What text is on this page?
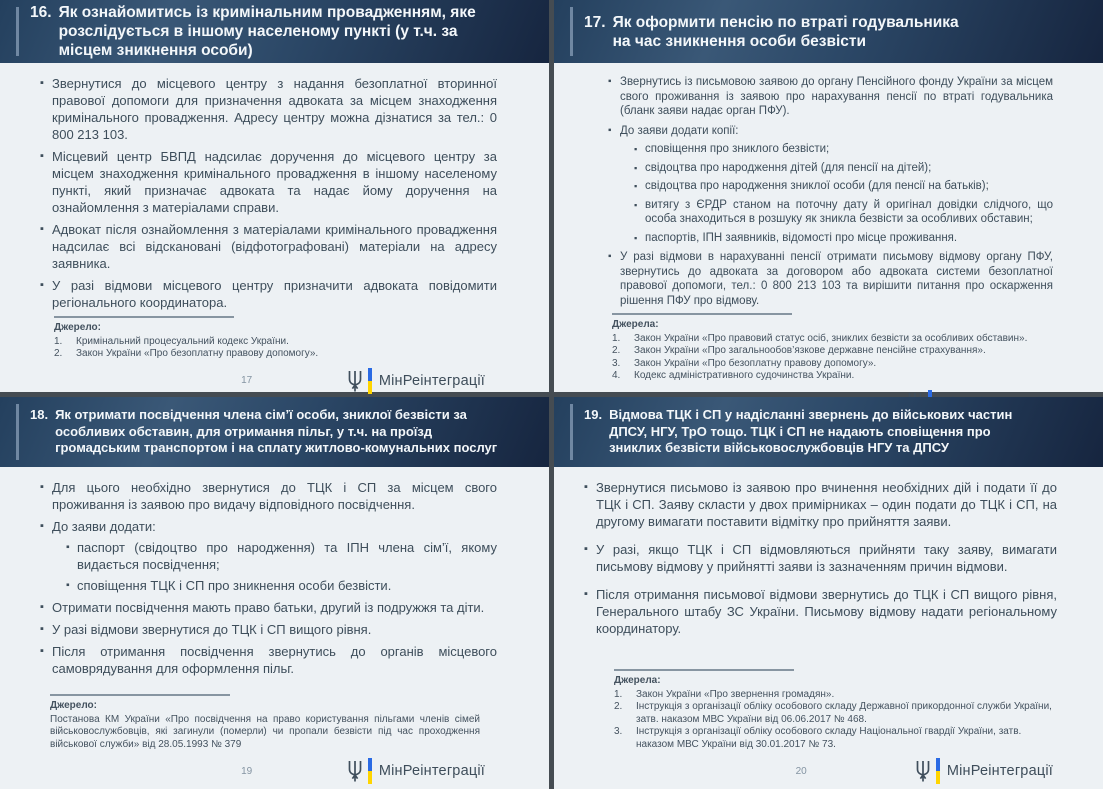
16. Як ознайомитись із кримінальним провадженням, яке
розслідується в іншому населеному пункті (у т.ч. за
місцем зникнення особи)
▪ Звернутися до місцевого центру з надання безоплатної вторинної правової допомоги для призначення адвоката за місцем знаходження кримінального провадження. Адресу центру можна дізнатися за тел.: 0 800 213 103.
▪ Місцевий центр БВПД надсилає доручення до місцевого центру за місцем знаходження кримінального провадження в іншому населеному пункті, який призначає адвоката та надає йому доручення на ознайомлення з матеріалами справи.
▪ Адвокат після ознайомлення з матеріалами кримінального провадження надсилає всі відскановані (відфотографовані) матеріали на адресу заявника.
▪ У разі відмови місцевого центру призначити адвоката повідомити регіонального координатора.
Джерело:
1.	Кримінальний процесуальний кодекс України.
2.	Закон України «Про безоплатну правову допомогу».
17	МінРеінтеграції
17. Як оформити пенсію по втраті годувальника
на час зникнення особи безвісти
▪ Звернутись із письмовою заявою до органу Пенсійного фонду України за місцем свого проживання із заявою про нарахування пенсії по втраті годувальника (бланк заяви надає орган ПФУ).
▪ До заяви додати копії:
▪ сповіщення про зниклого безвісти;
▪ свідоцтва про народження дітей (для пенсії на дітей);
▪ свідоцтва про народження зниклої особи (для пенсії на батьків);
▪ витягу з ЄРДР станом на поточну дату й оригінал довідки слідчого, що особа знаходиться в розшуку як зникла безвісти за особливих обставин;
▪ паспортів, ІПН заявників, відомості про місце проживання.
▪ У разі відмови в нарахуванні пенсії отримати письмову відмову органу ПФУ, звернутись до адвоката за договором або адвоката системи безоплатної правової допомоги, тел.: 0 800 213 103 та вирішити питання про оскарження рішення ПФУ про відмову.
Джерела:
1.	Закон України «Про правовий статус осіб, зниклих безвісти за особливих обставин».
2.	Закон України «Про загальнообов’язкове державне пенсійне страхування».
3.	Закон України «Про безоплатну правову допомогу».
4.	Кодекс адміністративного судочинства України.
18. Як отримати посвідчення члена сім’ї особи, зниклої безвісти за
особливих обставин, для отримання пільг, у т.ч. на проїзд
громадським транспортом і на сплату житлово-комунальних послуг
▪ Для цього необхідно звернутися до ТЦК і СП за місцем свого проживання із заявою про видачу відповідного посвідчення.
▪ До заяви додати:
▪ паспорт (свідоцтво про народження) та ІПН члена сім’ї, якому видається посвідчення;
▪ сповіщення ТЦК і СП про зникнення особи безвісти.
▪ Отримати посвідчення мають право батьки, другий із подружжя та діти.
▪ У разі відмови звернутися до ТЦК і СП вищого рівня.
▪ Після отримання посвідчення звернутись до органів місцевого самоврядування для оформлення пільг.
Джерело:
Постанова КМ України «Про посвідчення на право користування пільгами членів сімей військовослужбовців, які загинули (померли) чи пропали безвісти під час проходження військової служби» від 28.05.1993 № 379
19	МінРеінтеграції
19. Відмова ТЦК і СП у надісланні звернень до військових частин
ДПСУ, НГУ, ТрО тощо. ТЦК і СП не надають сповіщення про
зниклих безвісти військовослужбовців НГУ та ДПСУ
▪ Звернутися письмово із заявою про вчинення необхідних дій і подати її до ТЦК і СП. Заяву скласти у двох примірниках – один подати до ТЦК і СП, на другому вимагати поставити відмітку про прийняття заяви.
▪ У разі, якщо ТЦК і СП відмовляються прийняти таку заяву, вимагати письмову відмову у прийнятті заяви із зазначенням причин відмови.
▪ Після отримання письмової відмови звернутись до ТЦК і СП вищого рівня, Генерального штабу ЗС України. Письмову відмову надати регіональному координатору.
Джерела:
1.	Закон України «Про звернення громадян».
2.	Інструкція з організації обліку особового складу Державної прикордонної служби України, затв. наказом МВС України від 06.06.2017 № 468.
3.	Інструкція з організації обліку особового складу Національної гвардії України, затв. наказом МВС України від 30.01.2017 № 73.
20	МінРеінтеграції
